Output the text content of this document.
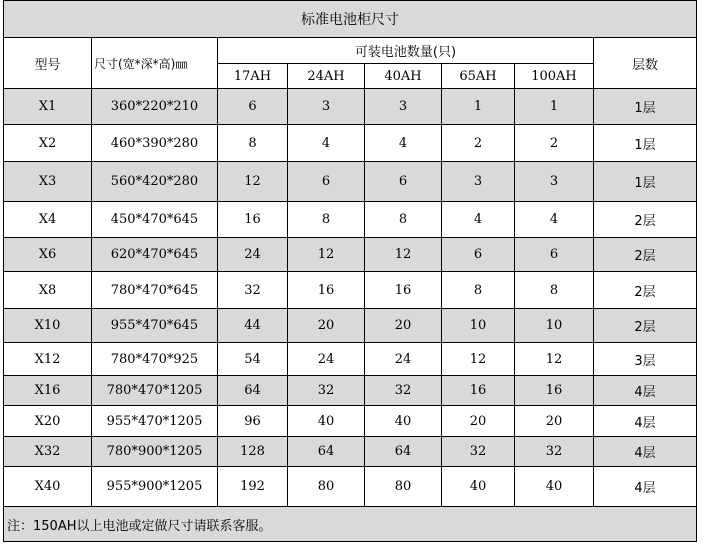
标准电池柜尺寸							
型号	尺寸(宽*深*高)㎜	可装电池数量(只)					层数
		17AH	24AH	40AH	65AH	100AH	
X1	360*220*210	6	3	3	1	1	1层
X2	460*390*280	8	4	4	2	2	1层
X3	560*420*280	12	6	6	3	3	1层
X4	450*470*645	16	8	8	4	4	2层
X6	620*470*645	24	12	12	6	6	2层
X8	780*470*645	32	16	16	8	8	2层
X10	955*470*645	44	20	20	10	10	2层
X12	780*470*925	54	24	24	12	12	3层
X16	780*470*1205	64	32	32	16	16	4层
X20	955*470*1205	96	40	40	20	20	4层
X32	780*900*1205	128	64	64	32	32	4层
X40	955*900*1205	192	80	80	40	40	4层
注：150AH以上电池或定做尺寸请联系客服。							
